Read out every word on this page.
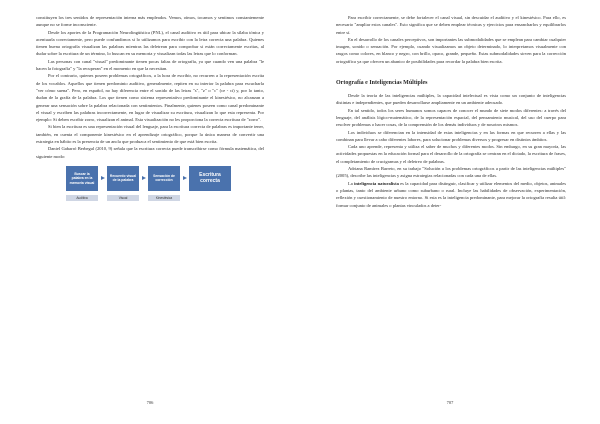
constituyen los tres sentidos de representación interna más empleados. Vemos, oímos, tocamos y sentimos constantemente aunque no se forme inconsciente.

Desde los aportes de la Programación Neurolingüística (PNL), el canal auditivo es útil para ubicar la sílaba tónica y acentuarla correctamente, pero puede confundirnos si lo utilizamos para escribir con la letra correcta una palabra. Quienes tienen buena ortografía visualizan las palabras mientras las deletrean para comprobar si están correctamente escritas, al dudar sobre la escritura de un término, lo buscan en su memoria y visualizan todas las letras que lo conforman.

Las personas con canal "visual" predominante tienen pocas faltas de ortografía, ya que cuando ven una palabra "le hacen la fotografía" y "la recuperan" en el momento en que la necesitan.

Por el contrario, quienes poseen problemas ortográficos, a la hora de escribir, no recurren a la representación escrita de los vocablos. Aquellos que tienen predominio auditivo, generalmente, repiten en su interior la palabra para escucharla "ver cómo suena". Pero, en español, no hay diferencia entre el sonido de las letras "s", "z" o "c" (ce - ci) y, por lo tanto, dudan de la grafía de la palabra. Los que tienen como sistema representativo predominante el kinestésico, no alcanzan a generar una sensación sobre la palabra relacionada con sentimientos. Finalmente, quienes poseen como canal predominante el visual y escriben las palabras incorrectamente, en lugar de visualizar su escritura, visualizan lo que esta representa. Por ejemplo: Si deben escribir zorro, visualizan el animal. Esta visualización no les proporciona la correcta escritura de "zorro".

Si bien la escritura es una representación visual del lenguaje, para la escritura correcta de palabras es importante tener, también, en cuenta el componente kinestésico en el aprendizaje ortográfico, porque la única manera de convertir una estrategia en hábito es la presencia de un ancla que produzca el sentimiento de que está bien escrita.

Daniel Gabarró Berbegal (2010, 9) señala que la escritura correcta puede transcribirse como fórmula matemática, del siguiente modo:

Buscar la palabra en la memoria visual
Recuerdo visual de la palabra
Sensación de corrección
Escritura correcta
Auditiva	Visual	Kinestésica
706

Para escribir correctamente, se debe fortalecer el canal visual, sin descuidar el auditivo y el kinestésico. Para ello, es necesario "ampliar estos canales". Esto significa que se deben emplear técnicas y ejercicios para ensancharlos y equilibrarlos entre sí.

En el desarrollo de los canales perceptivos, son importantes las submodalidades que se emplean para cambiar cualquier imagen, sonido o sensación. Por ejemplo, cuando visualizamos un objeto determinado, lo interpretamos visualmente con rasgos como colores, en blanco y negro, con brillo, opaco, grande, pequeño. Estas submodalidades sirven para la corrección ortográfica ya que ofrecen un abanico de posibilidades para recordar la palabra bien escrita.

Ortografía e Inteligencias Múltiples

Desde la teoría de las inteligencias múltiples, la capacidad intelectual es vista como un conjunto de inteligencias distintas e independientes, que pueden desarrollarse ampliamente en un ambiente adecuado.

En tal sentido, todos los seres humanos somos capaces de conocer el mundo de siete modos diferentes: a través del lenguaje, del análisis lógico-matemático, de la representación espacial, del pensamiento musical, del uso del cuerpo para resolver problemas o hacer cosas, de la comprensión de los demás individuos y de nosotros mismos.

Los individuos se diferencian en la intensidad de estas inteligencias y en las formas en que recurren a ellas y las combinan para llevar a cabo diferentes labores, para solucionar problemas diversos y progresar en distintos ámbitos.

Cada uno aprende, representa y utiliza el saber de muchos y diferentes modos. Sin embargo, en su gran mayoría, las actividades propuestas en la educación formal para el desarrollo de la ortografía se centran en el dictado, la escritura de frases, el completamiento de crucigramas y el deletreo de palabras.

Adriana Ramírez Barreto, en su trabajo "Solución a los problemas ortográficos a partir de las inteligencias múltiples" (2005), describe las inteligencias y asigna estrategias relacionadas con cada una de ellas.

La inteligencia naturalista es la capacidad para distinguir, clasificar y utilizar elementos del medio, objetos, animales o plantas, tanto del ambiente urbano como suburbano o rural. Incluye las habilidades de observación, experimentación, reflexión y cuestionamiento de nuestro entorno. Si esta es la inteligencia predominante, para mejorar la ortografía resulta útil: formar conjunto de animales o plantas vinculados a deter-

707
